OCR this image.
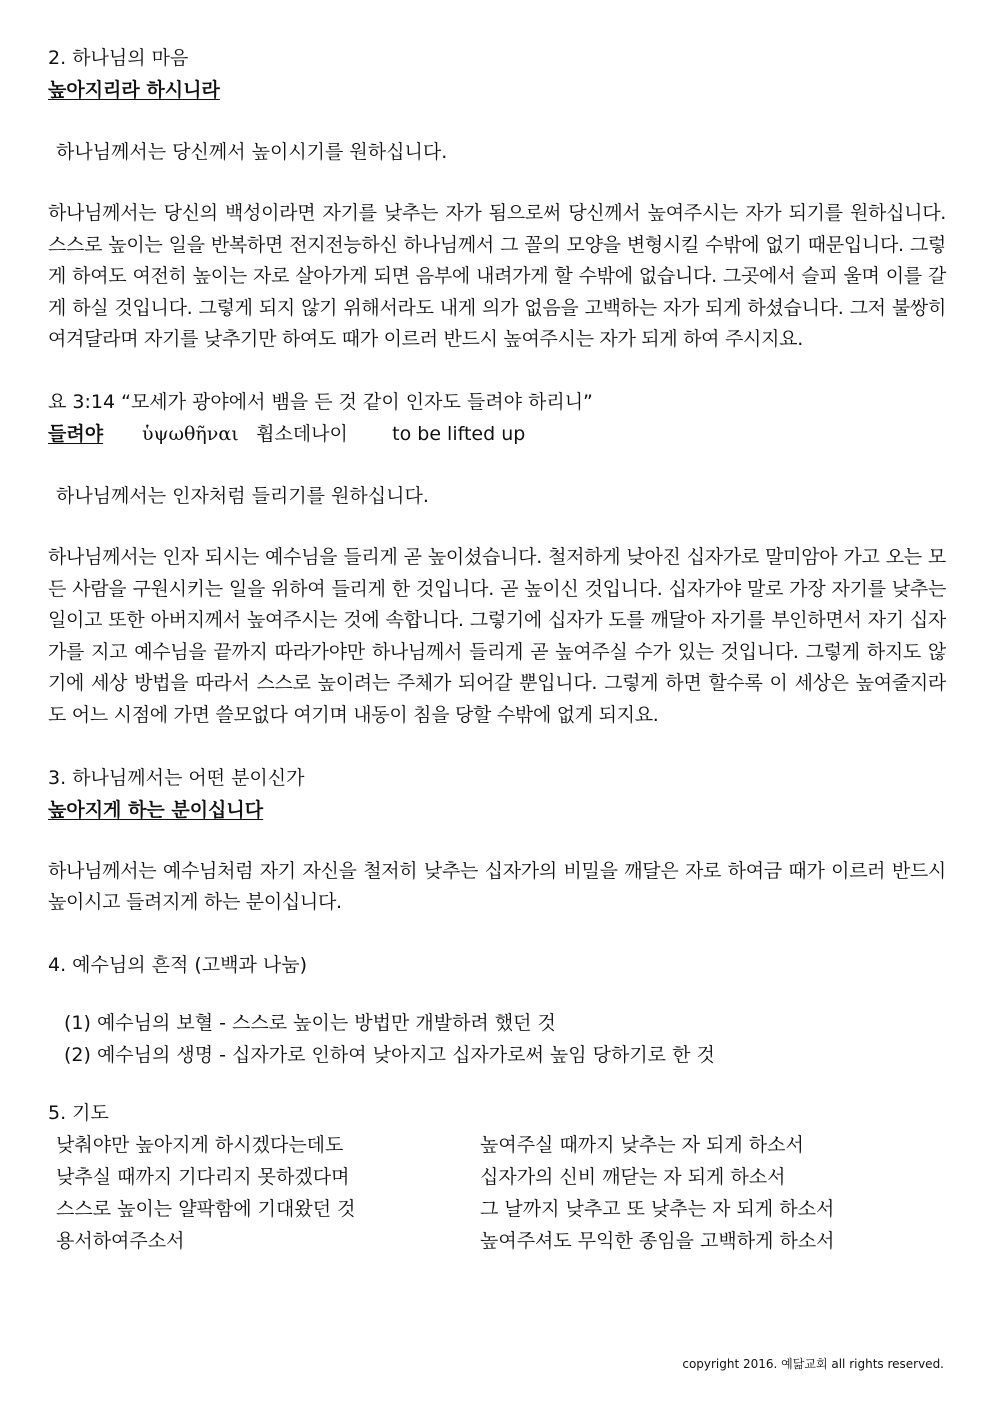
2. 하나님의 마음
높아지리라 하시니라
하나님께서는 당신께서 높이시기를 원하십니다.
하나님께서는 당신의 백성이라면 자기를 낮추는 자가 됨으로써 당신께서 높여주시는 자가 되기를 원하십니다. 스스로 높이는 일을 반복하면 전지전능하신 하나님께서 그 꼴의 모양을 변형시킬 수밖에 없기 때문입니다. 그렇게 하여도 여전히 높이는 자로 살아가게 되면 음부에 내려가게 할 수밖에 없습니다. 그곳에서 슬피 울며 이를 갈게 하실 것입니다. 그렇게 되지 않기 위해서라도 내게 의가 없음을 고백하는 자가 되게 하셨습니다. 그저 불쌍히 여겨달라며 자기를 낮추기만 하여도 때가 이르러 반드시 높여주시는 자가 되게 하여 주시지요.
요 3:14 “모세가 광야에서 뱀을 든 것 같이 인자도 들려야 하리니”
들려야 ὑψωθῆναι 휩소데나이 to be lifted up
하나님께서는 인자처럼 들리기를 원하십니다.
하나님께서는 인자 되시는 예수님을 들리게 곧 높이셨습니다. 철저하게 낮아진 십자가로 말미암아 가고 오는 모든 사람을 구원시키는 일을 위하여 들리게 한 것입니다. 곧 높이신 것입니다. 십자가야 말로 가장 자기를 낮추는 일이고 또한 아버지께서 높여주시는 것에 속합니다. 그렇기에 십자가 도를 깨달아 자기를 부인하면서 자기 십자가를 지고 예수님을 끝까지 따라가야만 하나님께서 들리게 곧 높여주실 수가 있는 것입니다. 그렇게 하지도 않기에 세상 방법을 따라서 스스로 높이려는 주체가 되어갈 뿐입니다. 그렇게 하면 할수록 이 세상은 높여줄지라도 어느 시점에 가면 쓸모없다 여기며 내동이 침을 당할 수밖에 없게 되지요.
3. 하나님께서는 어떤 분이신가
높아지게 하는 분이십니다
하나님께서는 예수님처럼 자기 자신을 철저히 낮추는 십자가의 비밀을 깨달은 자로 하여금 때가 이르러 반드시 높이시고 들려지게 하는 분이십니다.
4. 예수님의 흔적 (고백과 나눔)
(1) 예수님의 보혈 - 스스로 높이는 방법만 개발하려 했던 것
(2) 예수님의 생명 - 십자가로 인하여 낮아지고 십자가로써 높임 당하기로 한 것
5. 기도
낮춰야만 높아지게 하시겠다는데도
낮추실 때까지 기다리지 못하겠다며
스스로 높이는 얄팍함에 기대왔던 것
용서하여주소서
높여주실 때까지 낮추는 자 되게 하소서
십자가의 신비 깨닫는 자 되게 하소서
그 날까지 낮추고 또 낮추는 자 되게 하소서
높여주셔도 무익한 종임을 고백하게 하소서
copyright 2016. 예닮교회 all rights reserved.
